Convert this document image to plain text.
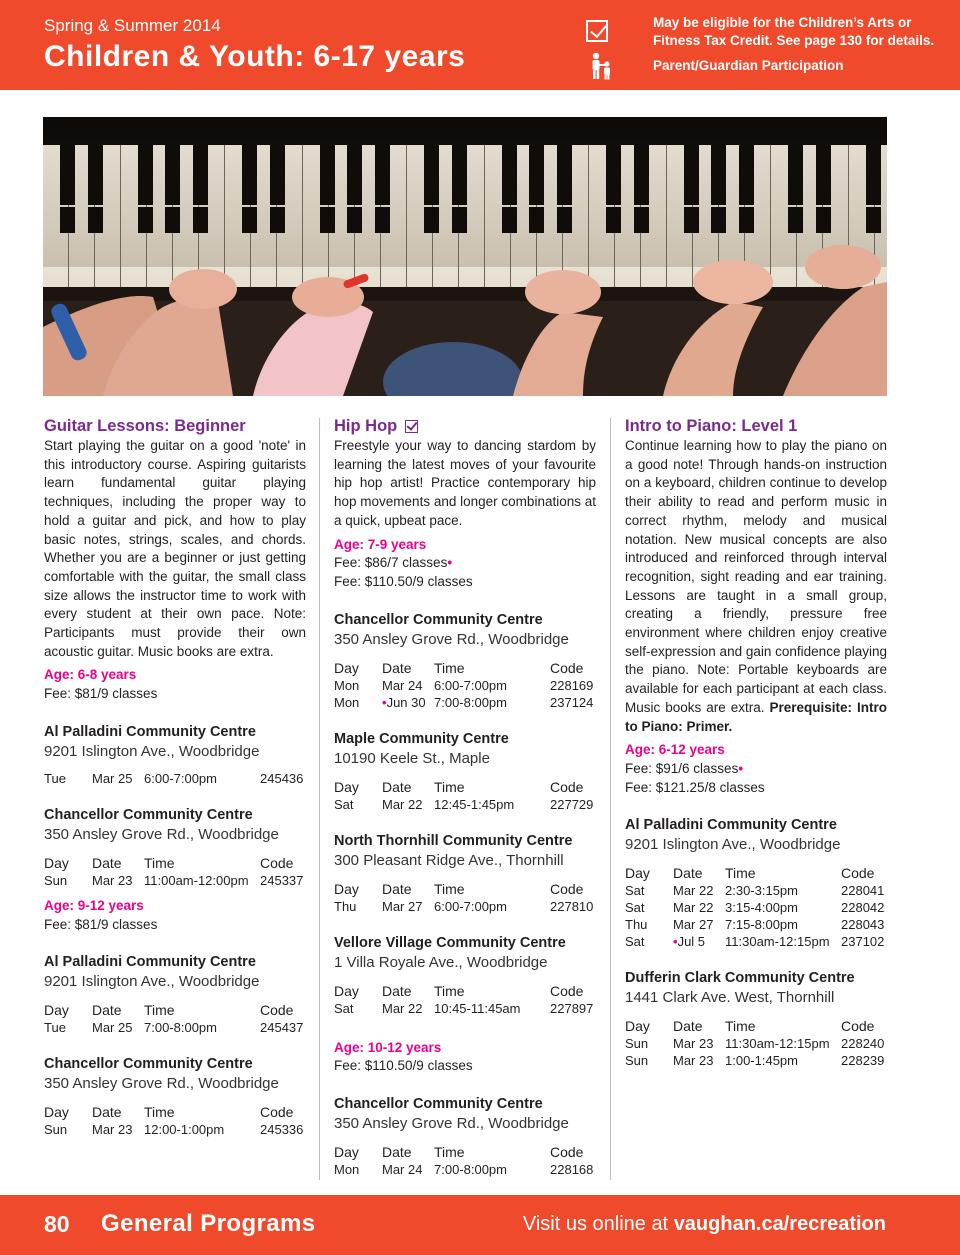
Spring & Summer 2014
Children & Youth: 6-17 years
May be eligible for the Children’s Arts or Fitness Tax Credit. See page 130 for details.
Parent/Guardian Participation
Guitar Lessons: Beginner
Start playing the guitar on a good 'note' in this introductory course. Aspiring guitarists learn fundamental guitar playing techniques, including the proper way to hold a guitar and pick, and how to play basic notes, strings, scales, and chords. Whether you are a beginner or just getting comfortable with the guitar, the small class size allows the instructor time to work with every student at their own pace. Note: Participants must provide their own acoustic guitar. Music books are extra.
Age: 6-8 years
Fee: $81/9 classes
Al Palladini Community Centre
9201 Islington Ave., Woodbridge
Tue	Mar 25	6:00-7:00pm	245436
Chancellor Community Centre
350 Ansley Grove Rd., Woodbridge
Day	Date	Time	Code
Sun	Mar 23	11:00am-12:00pm	245337
Age: 9-12 years
Fee: $81/9 classes
Al Palladini Community Centre
9201 Islington Ave., Woodbridge
Day	Date	Time	Code
Tue	Mar 25	7:00-8:00pm	245437
Chancellor Community Centre
350 Ansley Grove Rd., Woodbridge
Day	Date	Time	Code
Sun	Mar 23	12:00-1:00pm	245336
Hip Hop
Freestyle your way to dancing stardom by learning the latest moves of your favourite hip hop artist! Practice contemporary hip hop movements and longer combinations at a quick, upbeat pace.
Age: 7-9 years
Fee: $86/7 classes•
Fee: $110.50/9 classes
Chancellor Community Centre
350 Ansley Grove Rd., Woodbridge
Day	Date	Time	Code
Mon	Mar 24	6:00-7:00pm	228169
Mon	•Jun 30	7:00-8:00pm	237124
Maple Community Centre
10190 Keele St., Maple
Day	Date	Time	Code
Sat	Mar 22	12:45-1:45pm	227729
North Thornhill Community Centre
300 Pleasant Ridge Ave., Thornhill
Day	Date	Time	Code
Thu	Mar 27	6:00-7:00pm	227810
Vellore Village Community Centre
1 Villa Royale Ave., Woodbridge
Day	Date	Time	Code
Sat	Mar 22	10:45-11:45am	227897
Age: 10-12 years
Fee: $110.50/9 classes
Chancellor Community Centre
350 Ansley Grove Rd., Woodbridge
Day	Date	Time	Code
Mon	Mar 24	7:00-8:00pm	228168
Intro to Piano: Level 1
Continue learning how to play the piano on a good note! Through hands-on instruction on a keyboard, children continue to develop their ability to read and perform music in correct rhythm, melody and musical notation. New musical concepts are also introduced and reinforced through interval recognition, sight reading and ear training. Lessons are taught in a small group, creating a friendly, pressure free environment where children enjoy creative self-expression and gain confidence playing the piano. Note: Portable keyboards are available for each participant at each class. Music books are extra. Prerequisite: Intro to Piano: Primer.
Age: 6-12 years
Fee: $91/6 classes•
Fee: $121.25/8 classes
Al Palladini Community Centre
9201 Islington Ave., Woodbridge
Day	Date	Time	Code
Sat	Mar 22	2:30-3:15pm	228041
Sat	Mar 22	3:15-4:00pm	228042
Thu	Mar 27	7:15-8:00pm	228043
Sat	•Jul 5	11:30am-12:15pm	237102
Dufferin Clark Community Centre
1441 Clark Ave. West, Thornhill
Day	Date	Time	Code
Sun	Mar 23	11:30am-12:15pm	228240
Sun	Mar 23	1:00-1:45pm	228239
80 General Programs	Visit us online at vaughan.ca/recreation
